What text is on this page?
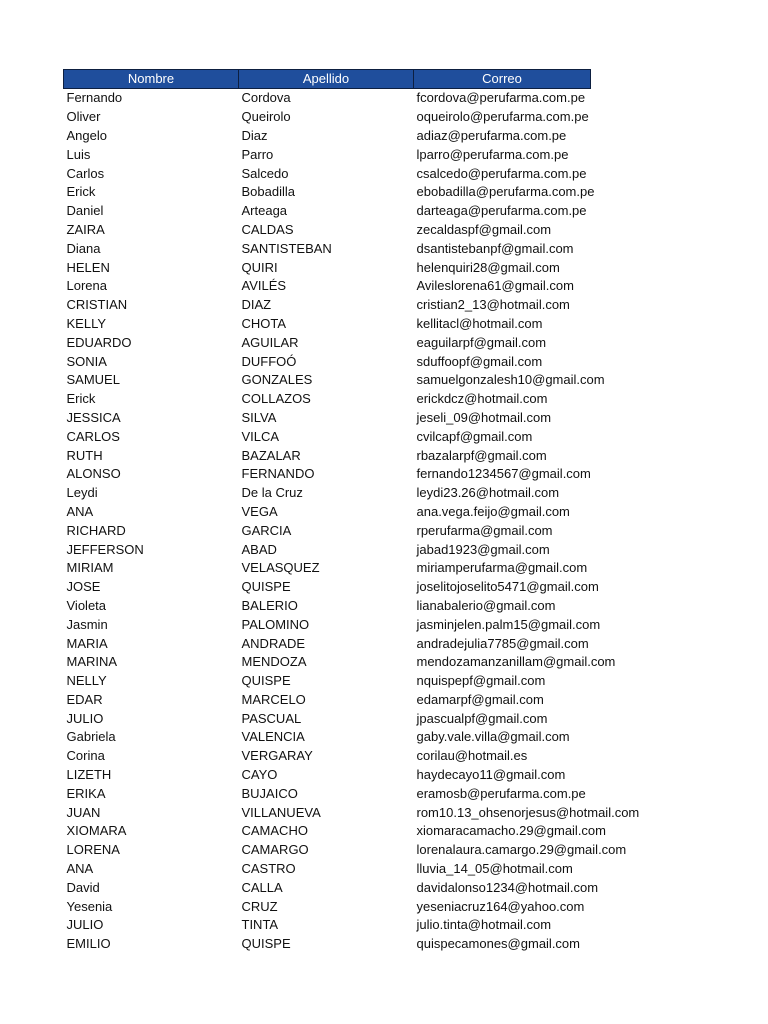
Nombre	Apellido	Correo
Fernando	Cordova	fcordova@perufarma.com.pe
Oliver	Queirolo	oqueirolo@perufarma.com.pe
Angelo	Diaz	adiaz@perufarma.com.pe
Luis	Parro	lparro@perufarma.com.pe
Carlos	Salcedo	csalcedo@perufarma.com.pe
Erick	Bobadilla	ebobadilla@perufarma.com.pe
Daniel	Arteaga	darteaga@perufarma.com.pe
ZAIRA	CALDAS	zecaldaspf@gmail.com
Diana	SANTISTEBAN	dsantistebanpf@gmail.com
HELEN	QUIRI	helenquiri28@gmail.com
Lorena	AVILÉS	Avileslorena61@gmail.com
CRISTIAN	DIAZ	cristian2_13@hotmail.com
KELLY	CHOTA	kellitacl@hotmail.com
EDUARDO	AGUILAR	eaguilarpf@gmail.com
SONIA	DUFFOÓ	sduffoopf@gmail.com
SAMUEL	GONZALES	samuelgonzalesh10@gmail.com
Erick	COLLAZOS	erickdcz@hotmail.com
JESSICA	SILVA	jeseli_09@hotmail.com
CARLOS	VILCA	cvilcapf@gmail.com
RUTH	BAZALAR	rbazalarpf@gmail.com
ALONSO	FERNANDO	fernando1234567@gmail.com
Leydi	De la Cruz	leydi23.26@hotmail.com
ANA	VEGA	ana.vega.feijo@gmail.com
RICHARD	GARCIA	rperufarma@gmail.com
JEFFERSON	ABAD	jabad1923@gmail.com
MIRIAM	VELASQUEZ	miriamperufarma@gmail.com
JOSE	QUISPE	joselitojoselito5471@gmail.com
Violeta	BALERIO	lianabalerio@gmail.com
Jasmin	PALOMINO	jasminjelen.palm15@gmail.com
MARIA	ANDRADE	andradejulia7785@gmail.com
MARINA	MENDOZA	mendozamanzanillam@gmail.com
NELLY	QUISPE	nquispepf@gmail.com
EDAR	MARCELO	edamarpf@gmail.com
JULIO	PASCUAL	jpascualpf@gmail.com
Gabriela	VALENCIA	gaby.vale.villa@gmail.com
Corina	VERGARAY	corilau@hotmail.es
LIZETH	CAYO	haydecayo11@gmail.com
ERIKA	BUJAICO	eramosb@perufarma.com.pe
JUAN	VILLANUEVA	rom10.13_ohsenorjesus@hotmail.com
XIOMARA	CAMACHO	xiomaracamacho.29@gmail.com
LORENA	CAMARGO	lorenalaura.camargo.29@gmail.com
ANA	CASTRO	lluvia_14_05@hotmail.com
David	CALLA	davidalonso1234@hotmail.com
Yesenia	CRUZ	yeseniacruz164@yahoo.com
JULIO	TINTA	julio.tinta@hotmail.com
EMILIO	QUISPE	quispecamones@gmail.com
